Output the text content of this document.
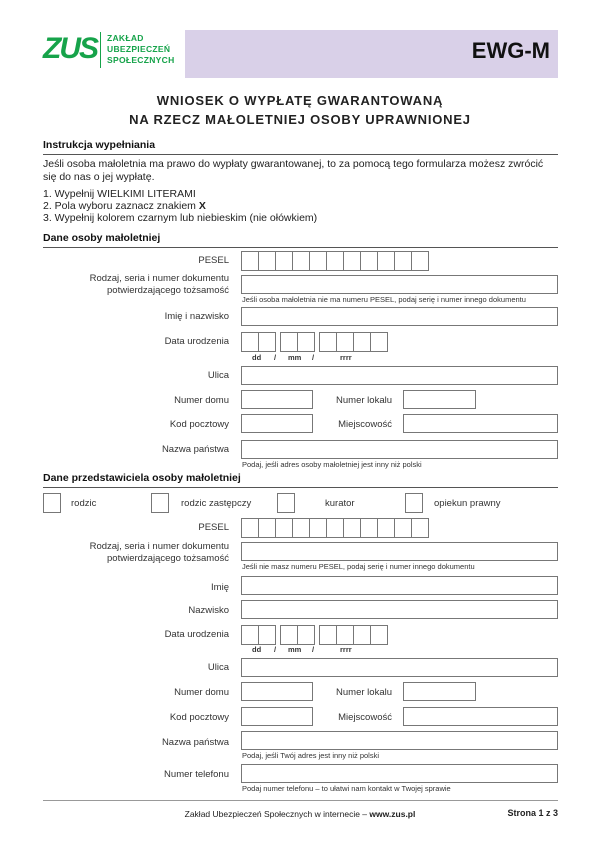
ZUS ZAKŁAD
UBEZPIECZEŃ
SPOŁECZNYCH	EWG-M
WNIOSEK O WYPŁATĘ GWARANTOWANĄ
NA RZECZ MAŁOLETNIEJ OSOBY UPRAWNIONEJ
Instrukcja wypełniania
Jeśli osoba małoletnia ma prawo do wypłaty gwarantowanej, to za pomocą tego formularza możesz zwrócić się do nas o jej wypłatę.
1. Wypełnij WIELKIMI LITERAMI
2. Pola wyboru zaznacz znakiem X
3. Wypełnij kolorem czarnym lub niebieskim (nie ołówkiem)
Dane osoby małoletniej
PESEL
Rodzaj, seria i numer dokumentu
potwierdzającego tożsamość
Jeśli osoba małoletnia nie ma numeru PESEL, podaj serię i numer innego dokumentu
Imię i nazwisko
Data urodzenia
dd	/	mm	/	rrrr
Ulica
Numer domu	Numer lokalu
Kod pocztowy	Miejscowość
Nazwa państwa
Podaj, jeśli adres osoby małoletniej jest inny niż polski
Dane przedstawiciela osoby małoletniej
rodzic	rodzic zastępczy	kurator	opiekun prawny
PESEL
Rodzaj, seria i numer dokumentu
potwierdzającego tożsamość
Jeśli nie masz numeru PESEL, podaj serię i numer innego dokumentu
Imię
Nazwisko
Data urodzenia
dd	/	mm	/	rrrr
Ulica
Numer domu	Numer lokalu
Kod pocztowy	Miejscowość
Nazwa państwa
Podaj, jeśli Twój adres jest inny niż polski
Numer telefonu
Podaj numer telefonu – to ułatwi nam kontakt w Twojej sprawie
Zakład Ubezpieczeń Społecznych w internecie – www.zus.pl	Strona 1 z 3
